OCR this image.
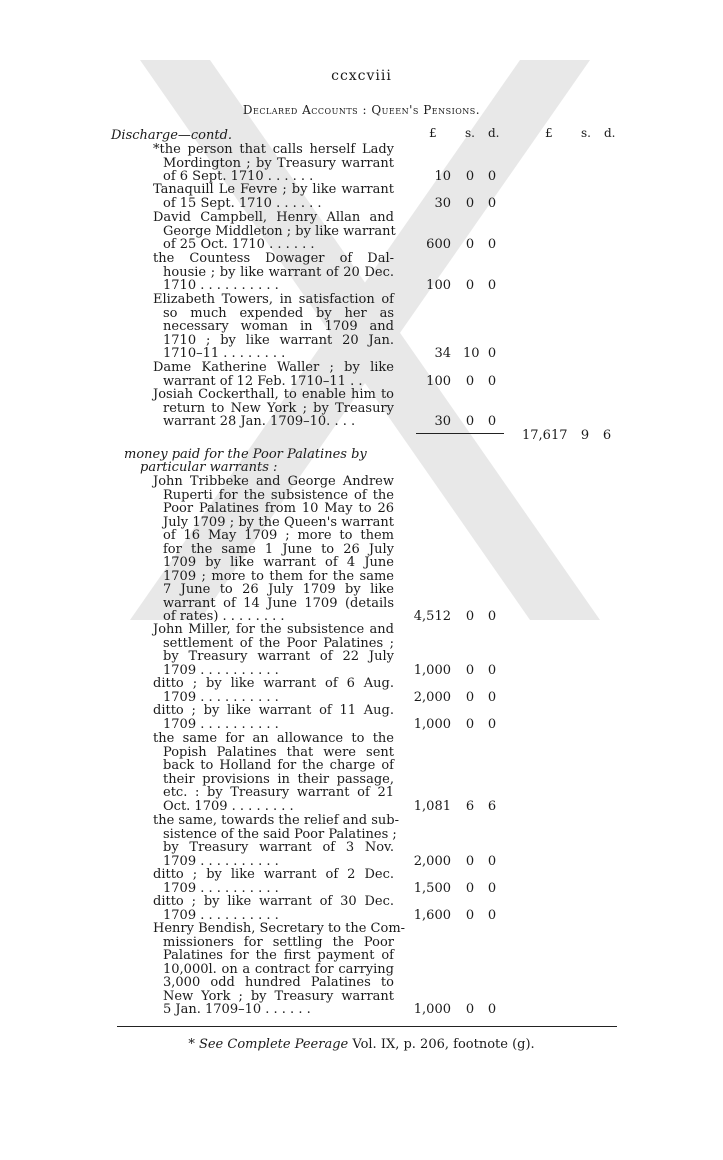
ccxcviii
Declared Accounts : Queen's Pensions.
£ s. d.	£ s. d.
Discharge—contd.
*the person that calls herself Lady
Mordington ; by Treasury warrant
of 6 Sept. 1710 . . . . . .	10 0 0
Tanaquill Le Fevre ; by like warrant
of 15 Sept. 1710 . . . . . .	30 0 0
David Campbell, Henry Allan and
George Middleton ; by like warrant
of 25 Oct. 1710 . . . . . .	600 0 0
the Countess Dowager of Dal-
housie ; by like warrant of 20 Dec.
1710 . . . . . . . . . .	100 0 0
Elizabeth Towers, in satisfaction of
so much expended by her as
necessary woman in 1709 and
1710 ; by like warrant 20 Jan.
1710–11 . . . . . . . .	34 10 0
Dame Katherine Waller ; by like
warrant of 12 Feb. 1710–11 . .	100 0 0
Josiah Cockerthall, to enable him to
return to New York ; by Treasury
warrant 28 Jan. 1709–10. . . .	30 0 0
17,617 9 6
money paid for the Poor Palatines by
particular warrants :
John Tribbeke and George Andrew
Ruperti for the subsistence of the
Poor Palatines from 10 May to 26
July 1709 ; by the Queen's warrant
of 16 May 1709 ; more to them
for the same 1 June to 26 July
1709 by like warrant of 4 June
1709 ; more to them for the same
7 June to 26 July 1709 by like
warrant of 14 June 1709 (details
of rates) . . . . . . . .	4,512 0 0
John Miller, for the subsistence and
settlement of the Poor Palatines ;
by Treasury warrant of 22 July
1709 . . . . . . . . . .	1,000 0 0
ditto ; by like warrant of 6 Aug.
1709 . . . . . . . . . .	2,000 0 0
ditto ; by like warrant of 11 Aug.
1709 . . . . . . . . . .	1,000 0 0
the same for an allowance to the
Popish Palatines that were sent
back to Holland for the charge of
their provisions in their passage,
etc. : by Treasury warrant of 21
Oct. 1709 . . . . . . . .	1,081 6 6
the same, towards the relief and sub-
sistence of the said Poor Palatines ;
by Treasury warrant of 3 Nov.
1709 . . . . . . . . . .	2,000 0 0
ditto ; by like warrant of 2 Dec.
1709 . . . . . . . . . .	1,500 0 0
ditto ; by like warrant of 30 Dec.
1709 . . . . . . . . . .	1,600 0 0
Henry Bendish, Secretary to the Com-
missioners for settling the Poor
Palatines for the first payment of
10,000l. on a contract for carrying
3,000 odd hundred Palatines to
New York ; by Treasury warrant
5 Jan. 1709–10 . . . . . .	1,000 0 0
* See Complete Peerage Vol. IX, p. 206, footnote (g).
